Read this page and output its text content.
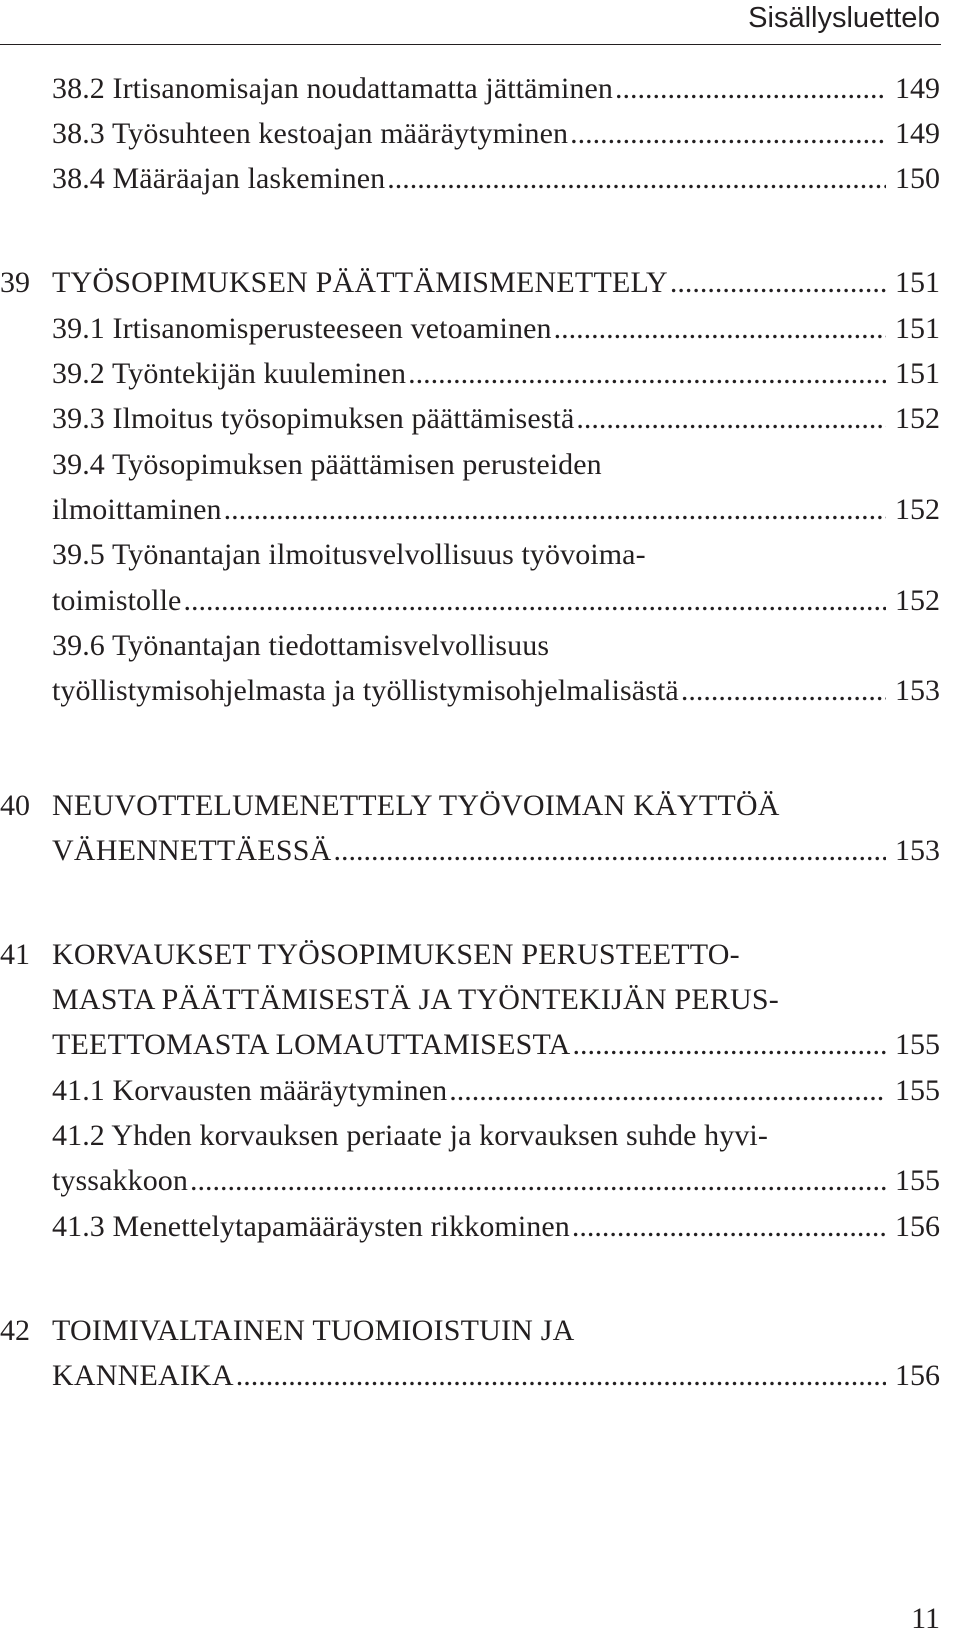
Sisällysluettelo
38.2 Irtisanomisajan noudattamatta jättäminen .....	149
38.3 Työsuhteen kestoajan määräytyminen .....	149
38.4 Määräajan laskeminen .....	150
39 TYÖSOPIMUKSEN PÄÄTTÄMISMENETTELY .....	151
39.1 Irtisanomisperusteeseen vetoaminen .....	151
39.2 Työntekijän kuuleminen .....	151
39.3 Ilmoitus työsopimuksen päättämisestä .....	152
39.4 Työsopimuksen päättämisen perusteiden
ilmoittaminen .....	152
39.5 Työnantajan ilmoitusvelvollisuus työvoima-
toimistolle .....	152
39.6 Työnantajan tiedottamisvelvollisuus
työllistymisohjelmasta ja työllistymisohjelmalisästä .....	153
40 NEUVOTTELUMENETTELY TYÖVOIMAN KÄYTTÖÄ
VÄHENNETTÄESSÄ .....	153
41 KORVAUKSET TYÖSOPIMUKSEN PERUSTEETTO-
MASTA PÄÄTTÄMISESTÄ JA TYÖNTEKIJÄN PERUS-
TEETTOMASTA LOMAUTTAMISESTA .....	155
41.1 Korvausten määräytyminen .....	155
41.2 Yhden korvauksen periaate ja korvauksen suhde hyvi-
tyssakkoon .....	155
41.3 Menettelytapamääräysten rikkominen .....	156
42 TOIMIVALTAINEN TUOMIOISTUIN JA
KANNEAIKA .....	156
11
